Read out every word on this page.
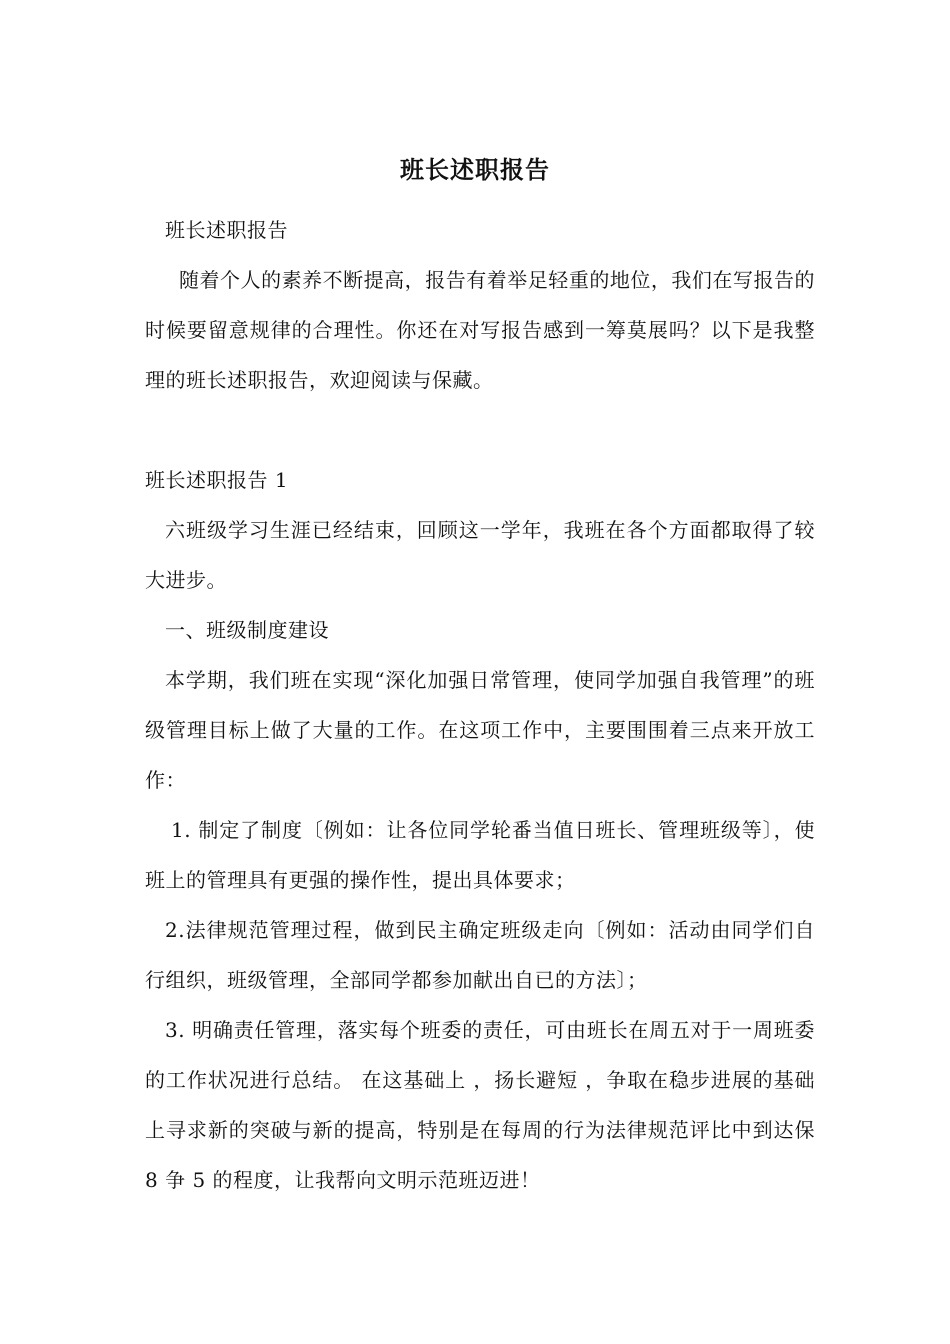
班长述职报告

班长述职报告

随着个人的素养不断提高，报告有着举足轻重的地位，我们在写报告的时候要留意规律的合理性。你还在对写报告感到一筹莫展吗？以下是我整理的班长述职报告，欢迎阅读与保藏。

班长述职报告 1

六班级学习生涯已经结束，回顾这一学年，我班在各个方面都取得了较大进步。

一、班级制度建设

本学期，我们班在实现“深化加强日常管理，使同学加强自我管理”的班级管理目标上做了大量的工作。在这项工作中，主要围围着三点来开放工作：

1. 制定了制度〔例如：让各位同学轮番当值日班长、管理班级等〕，使班上的管理具有更强的操作性，提出具体要求；

2.法律规范管理过程，做到民主确定班级走向〔例如：活动由同学们自行组织，班级管理，全部同学都参加献出自已的方法〕；

3. 明确责任管理，落实每个班委的责任，可由班长在周五对于一周班委的工作状况进行总结。 在这基础上 ，扬长避短 ，争取在稳步进展的基础上寻求新的突破与新的提高，特别是在每周的行为法律规范评比中到达保 8 争 5 的程度，让我帮向文明示范班迈进！
